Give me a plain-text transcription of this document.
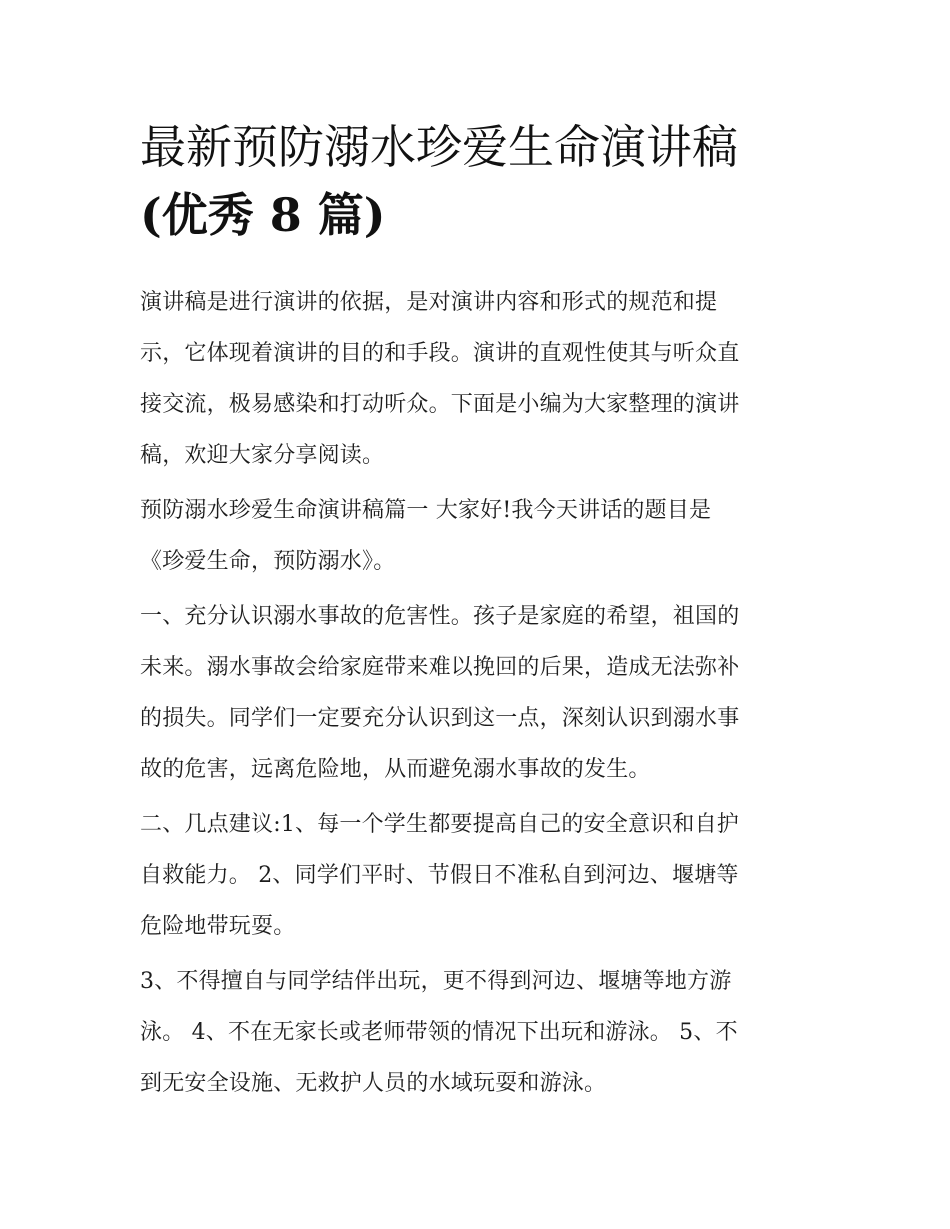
最新预防溺水珍爱生命演讲稿
(优秀 8 篇)

演讲稿是进行演讲的依据，是对演讲内容和形式的规范和提
示，它体现着演讲的目的和手段。演讲的直观性使其与听众直
接交流，极易感染和打动听众。下面是小编为大家整理的演讲
稿，欢迎大家分享阅读。

预防溺水珍爱生命演讲稿篇一 大家好!我今天讲话的题目是
《珍爱生命，预防溺水》。

一、充分认识溺水事故的危害性。孩子是家庭的希望，祖国的
未来。溺水事故会给家庭带来难以挽回的后果，造成无法弥补
的损失。同学们一定要充分认识到这一点，深刻认识到溺水事
故的危害，远离危险地，从而避免溺水事故的发生。

二、几点建议:1、每一个学生都要提高自己的安全意识和自护
自救能力。 2、同学们平时、节假日不准私自到河边、堰塘等
危险地带玩耍。

3、不得擅自与同学结伴出玩，更不得到河边、堰塘等地方游
泳。 4、不在无家长或老师带领的情况下出玩和游泳。 5、不
到无安全设施、无救护人员的水域玩耍和游泳。
